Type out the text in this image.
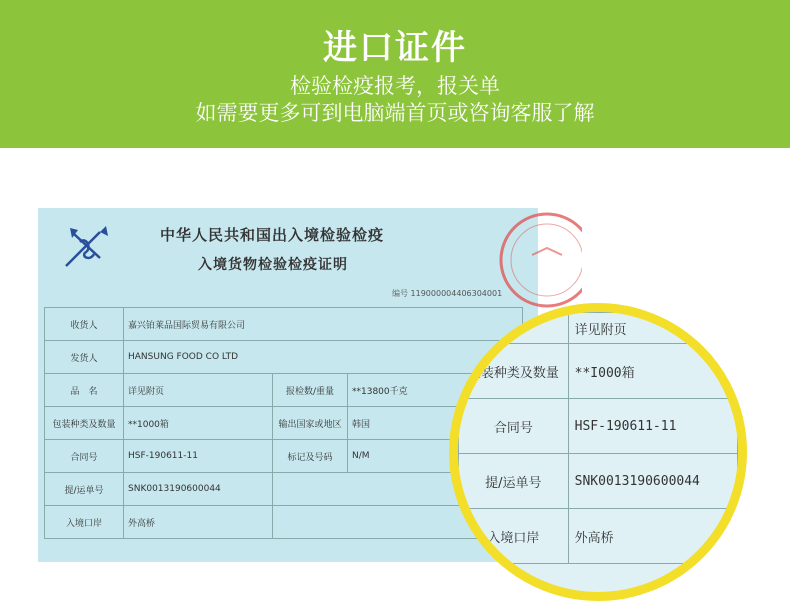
进口证件
检验检疫报考，报关单
如需要更多可到电脑端首页或咨询客服了解
中华人民共和国出入境检验检疫
入境货物检验检疫证明
编号 119000004406304001
收货人	嘉兴铂莱品国际贸易有限公司		
发货人	HANSUNG FOOD CO LTD		
品　名	详见附页	报检数/重量	**13800千克
包装种类及数量	**1000箱	输出国家或地区	韩国
合同号	HSF-190611-11	标记及号码	N/M
提/运单号	SNK0013190600044		
入境口岸	外高桥		
名	详见附页
包装种类及数量	**I000箱
合同号	HSF-190611-11
提/运单号	SNK0013190600044
入境口岸	外高桥
